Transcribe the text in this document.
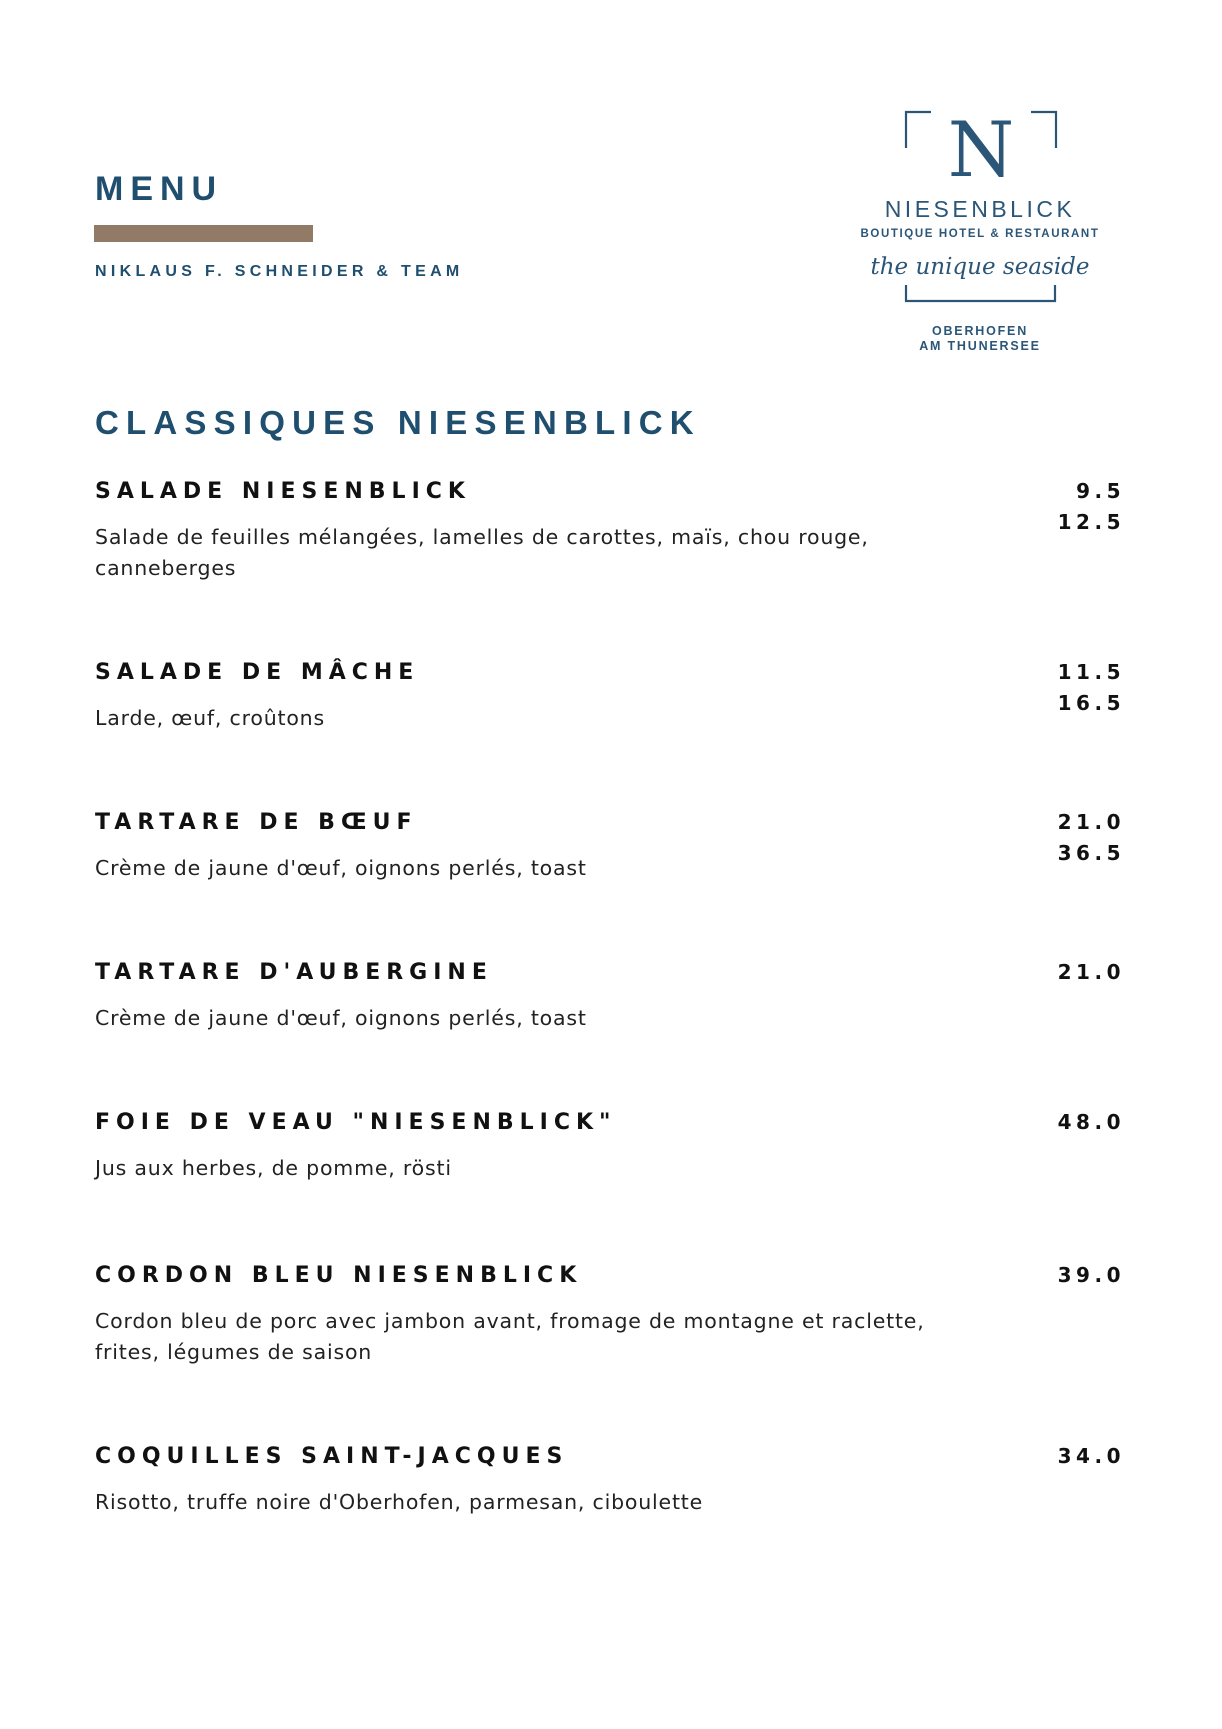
MENU
NIKLAUS F. SCHNEIDER & TEAM
N
NIESENBLICK
BOUTIQUE HOTEL & RESTAURANT
the unique seaside
OBERHOFEN
AM THUNERSEE
CLASSIQUES NIESENBLICK
SALADE NIESENBLICK
Salade de feuilles mélangées, lamelles de carottes, maïs, chou rouge, canneberges
9.5
12.5
SALADE DE MÂCHE
Larde, œuf, croûtons
11.5
16.5
TARTARE DE BŒUF
Crème de jaune d'œuf, oignons perlés, toast
21.0
36.5
TARTARE D'AUBERGINE
Crème de jaune d'œuf, oignons perlés, toast
21.0
FOIE DE VEAU "NIESENBLICK"
Jus aux herbes, de pomme, rösti
48.0
CORDON BLEU NIESENBLICK
Cordon bleu de porc avec jambon avant, fromage de montagne et raclette, frites, légumes de saison
39.0
COQUILLES SAINT-JACQUES
Risotto, truffe noire d'Oberhofen, parmesan, ciboulette
34.0
